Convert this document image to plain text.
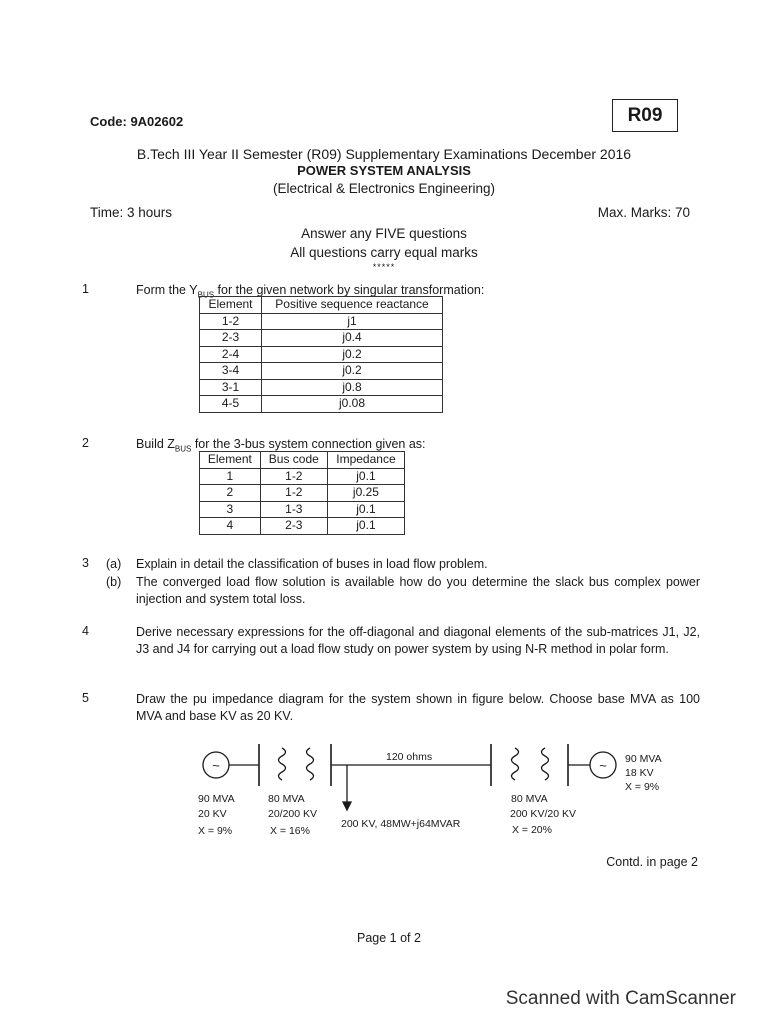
Code: 9A02602	R09
B.Tech III Year II Semester (R09) Supplementary Examinations December 2016
POWER SYSTEM ANALYSIS
(Electrical & Electronics Engineering)
Time: 3 hours	Max. Marks: 70
Answer any FIVE questions
All questions carry equal marks
*****
1	Form the $Y_{BUS}$ for the given network by singular transformation:
Element	Positive sequence reactance
1-2	j1
2-3	j0.4
2-4	j0.2
3-4	j0.2
3-1	j0.8
4-5	j0.08
2	Build $Z_{BUS}$ for the 3-bus system connection given as:
Element	Bus code	Impedance
1	1-2	j0.1
2	1-2	j0.25
3	1-3	j0.1
4	2-3	j0.1
3 (a) Explain in detail the classification of buses in load flow problem.
(b) The converged load flow solution is available how do you determine the slack bus complex power injection and system total loss.
4	Derive necessary expressions for the off-diagonal and diagonal elements of the sub-matrices J1, J2, J3 and J4 for carrying out a load flow study on power system by using N-R method in polar form.
5	Draw the pu impedance diagram for the system shown in figure below. Choose base MVA as 100 MVA and base KV as 20 KV.
~	~
120 ohms
90 MVA
20 KV
X = 9%
80 MVA
20/200 KV
X = 16%
200 KV, 48MW+j64MVAR
80 MVA
200 KV/20 KV
X = 20%
90 MVA
18 KV
X = 9%
Contd. in page 2
Page 1 of 2
Scanned with CamScanner
